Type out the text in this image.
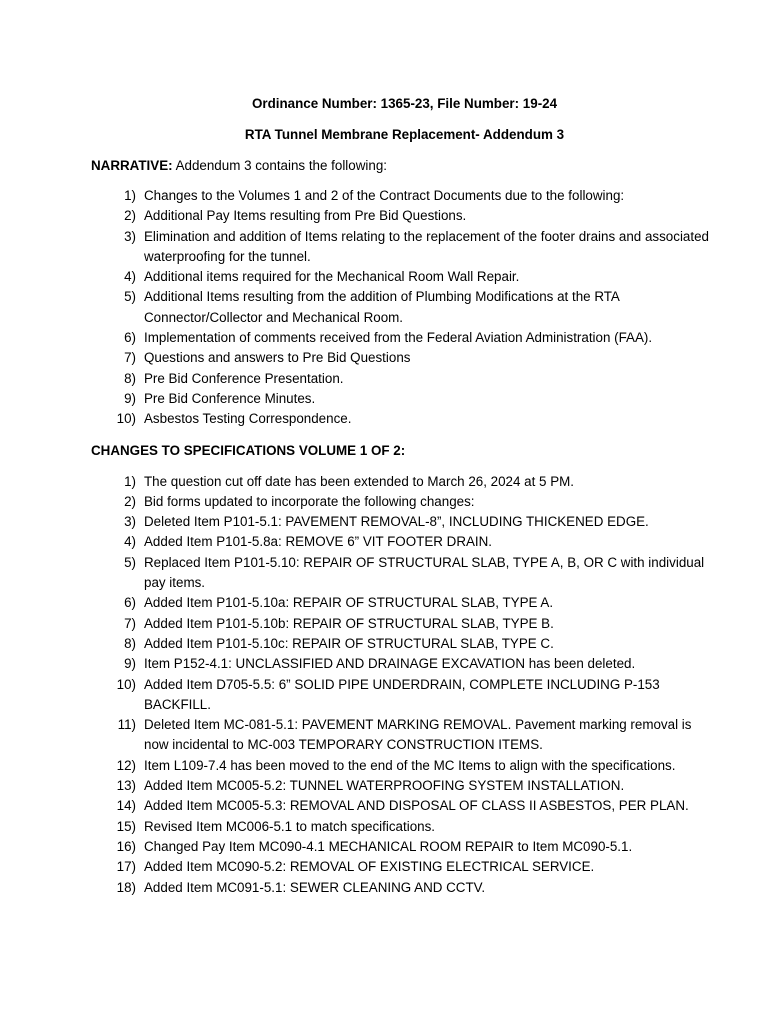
Ordinance Number: 1365-23, File Number: 19-24

RTA Tunnel Membrane Replacement- Addendum 3

NARRATIVE: Addendum 3 contains the following:

1) Changes to the Volumes 1 and 2 of the Contract Documents due to the following:
2) Additional Pay Items resulting from Pre Bid Questions.
3) Elimination and addition of Items relating to the replacement of the footer drains and associated waterproofing for the tunnel.
4) Additional items required for the Mechanical Room Wall Repair.
5) Additional Items resulting from the addition of Plumbing Modifications at the RTA Connector/Collector and Mechanical Room.
6) Implementation of comments received from the Federal Aviation Administration (FAA).
7) Questions and answers to Pre Bid Questions
8) Pre Bid Conference Presentation.
9) Pre Bid Conference Minutes.
10) Asbestos Testing Correspondence.

CHANGES TO SPECIFICATIONS VOLUME 1 OF 2:

1) The question cut off date has been extended to March 26, 2024 at 5 PM.
2) Bid forms updated to incorporate the following changes:
3) Deleted Item P101-5.1: PAVEMENT REMOVAL-8”, INCLUDING THICKENED EDGE.
4) Added Item P101-5.8a: REMOVE 6” VIT FOOTER DRAIN.
5) Replaced Item P101-5.10: REPAIR OF STRUCTURAL SLAB, TYPE A, B, OR C with individual pay items.
6) Added Item P101-5.10a: REPAIR OF STRUCTURAL SLAB, TYPE A.
7) Added Item P101-5.10b: REPAIR OF STRUCTURAL SLAB, TYPE B.
8) Added Item P101-5.10c: REPAIR OF STRUCTURAL SLAB, TYPE C.
9) Item P152-4.1: UNCLASSIFIED AND DRAINAGE EXCAVATION has been deleted.
10) Added Item D705-5.5: 6” SOLID PIPE UNDERDRAIN, COMPLETE INCLUDING P-153 BACKFILL.
11) Deleted Item MC-081-5.1: PAVEMENT MARKING REMOVAL. Pavement marking removal is now incidental to MC-003 TEMPORARY CONSTRUCTION ITEMS.
12) Item L109-7.4 has been moved to the end of the MC Items to align with the specifications.
13) Added Item MC005-5.2: TUNNEL WATERPROOFING SYSTEM INSTALLATION.
14) Added Item MC005-5.3: REMOVAL AND DISPOSAL OF CLASS II ASBESTOS, PER PLAN.
15) Revised Item MC006-5.1 to match specifications.
16) Changed Pay Item MC090-4.1 MECHANICAL ROOM REPAIR to Item MC090-5.1.
17) Added Item MC090-5.2: REMOVAL OF EXISTING ELECTRICAL SERVICE.
18) Added Item MC091-5.1: SEWER CLEANING AND CCTV.
